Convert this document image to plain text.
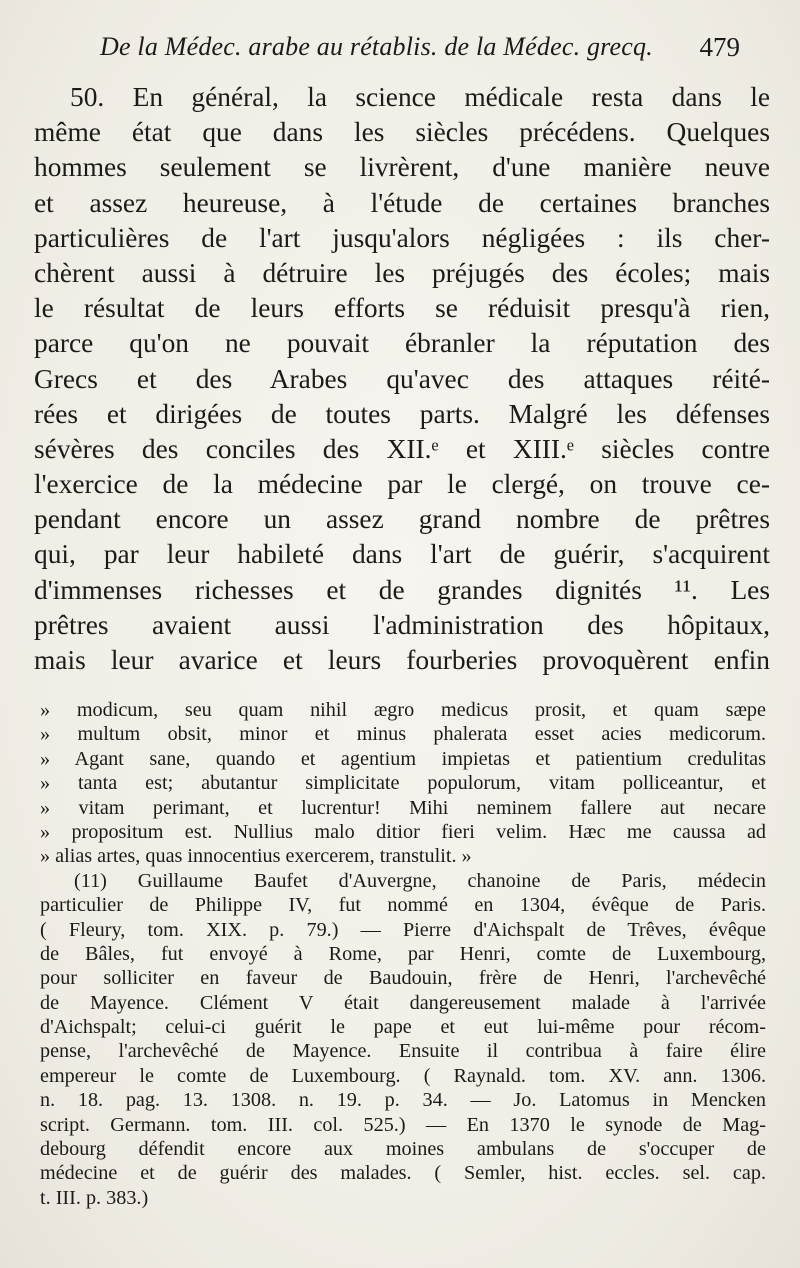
De la Médec. arabe au rétablis. de la Médec. grecq. 479
50. En général, la science médicale resta dans le
même état que dans les siècles précédens. Quelques
hommes seulement se livrèrent, d'une manière neuve
et assez heureuse, à l'étude de certaines branches
particulières de l'art jusqu'alors négligées : ils cher-
chèrent aussi à détruire les préjugés des écoles; mais
le résultat de leurs efforts se réduisit presqu'à rien,
parce qu'on ne pouvait ébranler la réputation des
Grecs et des Arabes qu'avec des attaques réité-
rées et dirigées de toutes parts. Malgré les défenses
sévères des conciles des XII.ᵉ et XIII.ᵉ siècles contre
l'exercice de la médecine par le clergé, on trouve ce-
pendant encore un assez grand nombre de prêtres
qui, par leur habileté dans l'art de guérir, s'acquirent
d'immenses richesses et de grandes dignités ¹¹. Les
prêtres avaient aussi l'administration des hôpitaux,
mais leur avarice et leurs fourberies provoquèrent enfin
» modicum, seu quam nihil ægro medicus prosit, et quam sæpe
» multum obsit, minor et minus phalerata esset acies medicorum.
» Agant sane, quando et agentium impietas et patientium credulitas
» tanta est; abutantur simplicitate populorum, vitam polliceantur, et
» vitam perimant, et lucrentur! Mihi neminem fallere aut necare
» propositum est. Nullius malo ditior fieri velim. Hæc me caussa ad
» alias artes, quas innocentius exercerem, transtulit. »
(11) Guillaume Baufet d'Auvergne, chanoine de Paris, médecin
particulier de Philippe IV, fut nommé en 1304, évêque de Paris.
( Fleury, tom. XIX. p. 79.) — Pierre d'Aichspalt de Trêves, évêque
de Bâles, fut envoyé à Rome, par Henri, comte de Luxembourg,
pour solliciter en faveur de Baudouin, frère de Henri, l'archevêché
de Mayence. Clément V était dangereusement malade à l'arrivée
d'Aichspalt; celui-ci guérit le pape et eut lui-même pour récom-
pense, l'archevêché de Mayence. Ensuite il contribua à faire élire
empereur le comte de Luxembourg. ( Raynald. tom. XV. ann. 1306.
n. 18. pag. 13. 1308. n. 19. p. 34. — Jo. Latomus in Mencken
script. Germann. tom. III. col. 525.) — En 1370 le synode de Mag-
debourg défendit encore aux moines ambulans de s'occuper de
médecine et de guérir des malades. ( Semler, hist. eccles. sel. cap.
t. III. p. 383.)
